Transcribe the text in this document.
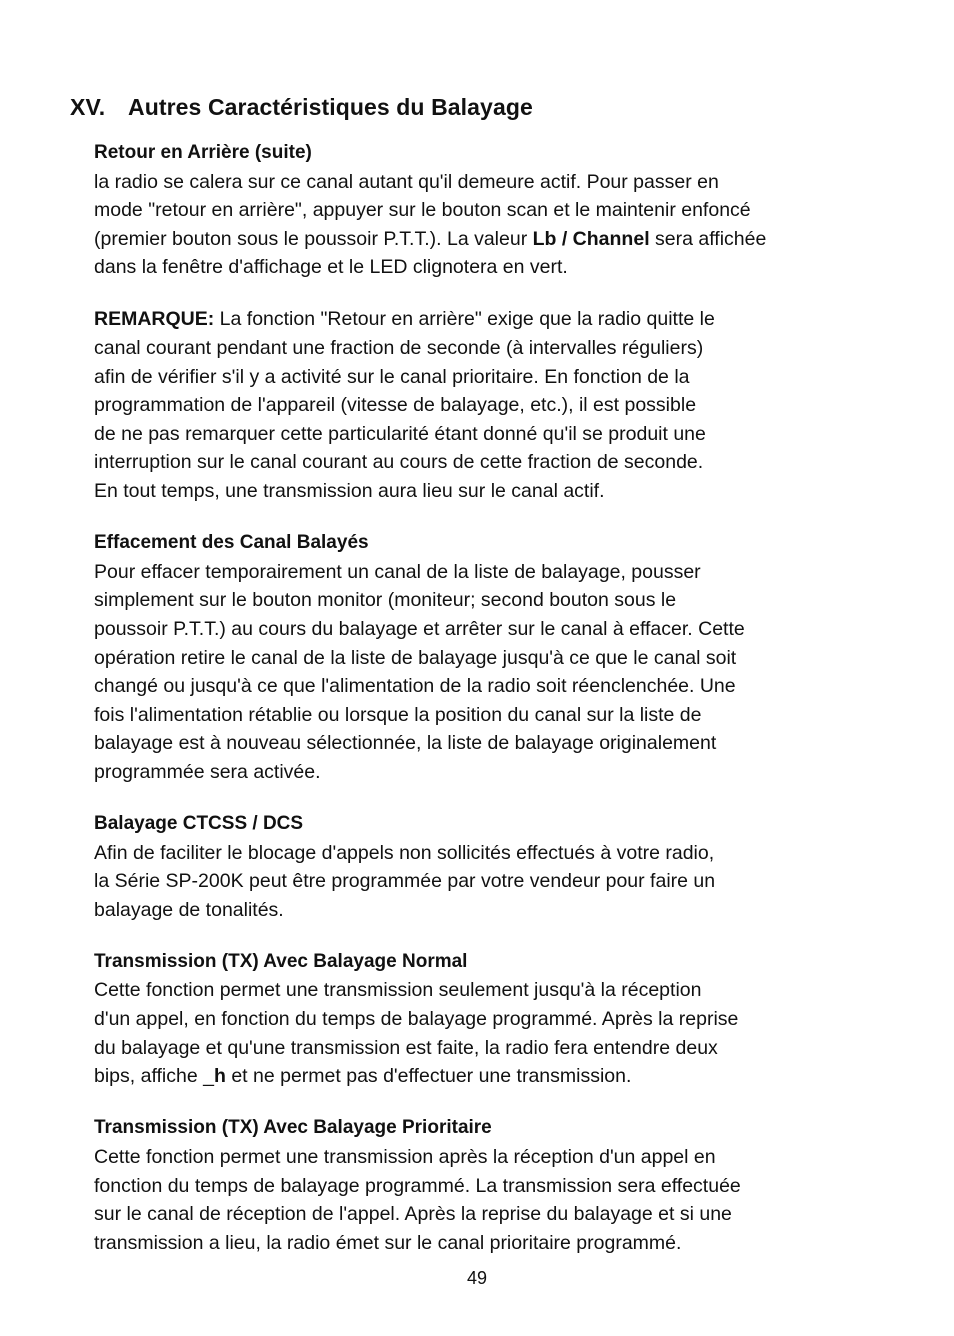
XV. Autres Caractéristiques du Balayage
Retour en Arrière (suite)
la radio se calera sur ce canal autant qu'il demeure actif. Pour passer en
mode "retour en arrière", appuyer sur le bouton scan et le maintenir enfoncé
(premier bouton sous le poussoir P.T.T.). La valeur Lb / Channel sera affichée
dans la fenêtre d'affichage et le LED clignotera en vert.
REMARQUE: La fonction "Retour en arrière" exige que la radio quitte le
canal courant pendant une fraction de seconde (à intervalles réguliers)
afin de vérifier s'il y a activité sur le canal prioritaire. En fonction de la
programmation de l'appareil (vitesse de balayage, etc.), il est possible
de ne pas remarquer cette particularité étant donné qu'il se produit une
interruption sur le canal courant au cours de cette fraction de seconde.
En tout temps, une transmission aura lieu sur le canal actif.
Effacement des Canal Balayés
Pour effacer temporairement un canal de la liste de balayage, pousser
simplement sur le bouton monitor (moniteur; second bouton sous le
poussoir P.T.T.) au cours du balayage et arrêter sur le canal à effacer. Cette
opération retire le canal de la liste de balayage jusqu'à ce que le canal soit
changé ou jusqu'à ce que l'alimentation de la radio soit réenclenchée. Une
fois l'alimentation rétablie ou lorsque la position du canal sur la liste de
balayage est à nouveau sélectionnée, la liste de balayage originalement
programmée sera activée.
Balayage CTCSS / DCS
Afin de faciliter le blocage d'appels non sollicités effectués à votre radio,
la Série SP-200K peut être programmée par votre vendeur pour faire un
balayage de tonalités.
Transmission (TX) Avec Balayage Normal
Cette fonction permet une transmission seulement jusqu'à la réception
d'un appel, en fonction du temps de balayage programmé. Après la reprise
du balayage et qu'une transmission est faite, la radio fera entendre deux
bips, affiche _h et ne permet pas d'effectuer une transmission.
Transmission (TX) Avec Balayage Prioritaire
Cette fonction permet une transmission après la réception d'un appel en
fonction du temps de balayage programmé. La transmission sera effectuée
sur le canal de réception de l'appel. Après la reprise du balayage et si une
transmission a lieu, la radio émet sur le canal prioritaire programmé.
49
